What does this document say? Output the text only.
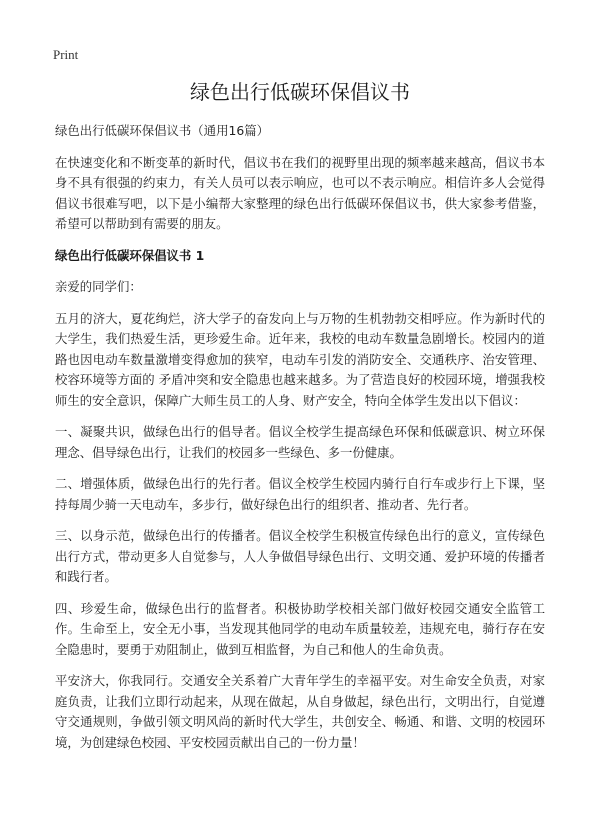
Print
绿色出行低碳环保倡议书

绿色出行低碳环保倡议书（通用16篇）

在快速变化和不断变革的新时代，倡议书在我们的视野里出现的频率越来越高，倡议书本身不具有很强的约束力，有关人员可以表示响应，也可以不表示响应。相信许多人会觉得倡议书很难写吧，以下是小编帮大家整理的绿色出行低碳环保倡议书，供大家参考借鉴，希望可以帮助到有需要的朋友。

绿色出行低碳环保倡议书 1

亲爱的同学们：

五月的济大，夏花绚烂，济大学子的奋发向上与万物的生机勃勃交相呼应。作为新时代的大学生，我们热爱生活，更珍爱生命。近年来，我校的电动车数量急剧增长。校园内的道路也因电动车数量激增变得愈加的狭窄，电动车引发的消防安全、交通秩序、治安管理、校容环境等方面的 矛盾冲突和安全隐患也越来越多。为了营造良好的校园环境，增强我校师生的安全意识，保障广大师生员工的人身、财产安全，特向全体学生发出以下倡议：

一、凝聚共识，做绿色出行的倡导者。倡议全校学生提高绿色环保和低碳意识、树立环保理念、倡导绿色出行，让我们的校园多一些绿色、多一份健康。

二、增强体质，做绿色出行的先行者。倡议全校学生校园内骑行自行车或步行上下课，坚持每周少骑一天电动车，多步行，做好绿色出行的组织者、推动者、先行者。

三、以身示范，做绿色出行的传播者。倡议全校学生积极宣传绿色出行的意义，宣传绿色出行方式，带动更多人自觉参与，人人争做倡导绿色出行、文明交通、爱护环境的传播者和践行者。

四、珍爱生命，做绿色出行的监督者。积极协助学校相关部门做好校园交通安全监管工作。生命至上，安全无小事，当发现其他同学的电动车质量较差，违规充电，骑行存在安全隐患时，要勇于劝阻制止，做到互相监督，为自己和他人的生命负责。

平安济大，你我同行。交通安全关系着广大青年学生的幸福平安。对生命安全负责，对家庭负责，让我们立即行动起来，从现在做起，从自身做起，绿色出行，文明出行，自觉遵守交通规则，争做引领文明风尚的新时代大学生，共创安全、畅通、和谐、文明的校园环境，为创建绿色校园、平安校园贡献出自己的一份力量！
